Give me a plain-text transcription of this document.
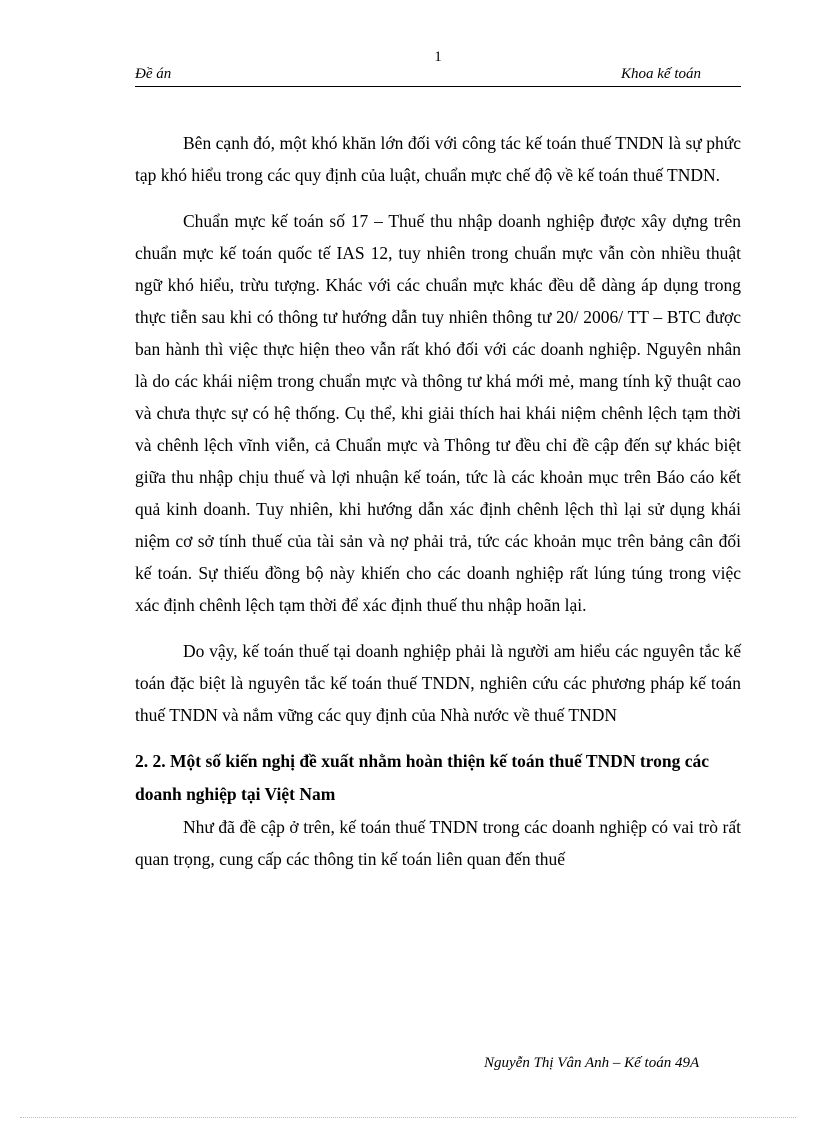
1
Đề án	Khoa kế toán

Bên cạnh đó, một khó khăn lớn đối với công tác kế toán thuế TNDN là sự phức tạp khó hiểu trong các quy định của luật, chuẩn mực chế độ về kế toán thuế TNDN.

Chuẩn mực kế toán số 17 – Thuế thu nhập doanh nghiệp được xây dựng trên chuẩn mực kế toán quốc tế IAS 12, tuy nhiên trong chuẩn mực vẫn còn nhiều thuật ngữ khó hiểu, trừu tượng. Khác với các chuẩn mực khác đều dễ dàng áp dụng trong thực tiễn sau khi có thông tư hướng dẫn tuy nhiên thông tư 20/ 2006/ TT – BTC được ban hành thì việc thực hiện theo vẫn rất khó đối với các doanh nghiệp. Nguyên nhân là do các khái niệm trong chuẩn mực và thông tư khá mới mẻ, mang tính kỹ thuật cao và chưa thực sự có hệ thống. Cụ thể, khi giải thích hai khái niệm chênh lệch tạm thời và chênh lệch vĩnh viễn, cả Chuẩn mực và Thông tư đều chỉ đề cập đến sự khác biệt giữa thu nhập chịu thuế và lợi nhuận kế toán, tức là các khoản mục trên Báo cáo kết quả kinh doanh. Tuy nhiên, khi hướng dẫn xác định chênh lệch thì lại sử dụng khái niệm cơ sở tính thuế của tài sản và nợ phải trả, tức các khoản mục trên bảng cân đối kế toán. Sự thiếu đồng bộ này khiến cho các doanh nghiệp rất lúng túng trong việc xác định chênh lệch tạm thời để xác định thuế thu nhập hoãn lại.

Do vậy, kế toán thuế tại doanh nghiệp phải là người am hiểu các nguyên tắc kế toán đặc biệt là nguyên tắc kế toán thuế TNDN, nghiên cứu các phương pháp kế toán thuế TNDN và nắm vững các quy định của Nhà nước về thuế TNDN

2. 2. Một số kiến nghị đề xuất nhằm hoàn thiện kế toán thuế TNDN trong các doanh nghiệp tại Việt Nam

Như đã đề cập ở trên, kế toán thuế TNDN trong các doanh nghiệp có vai trò rất quan trọng, cung cấp các thông tin kế toán liên quan đến thuế

Nguyễn Thị Vân Anh – Kế toán 49A
